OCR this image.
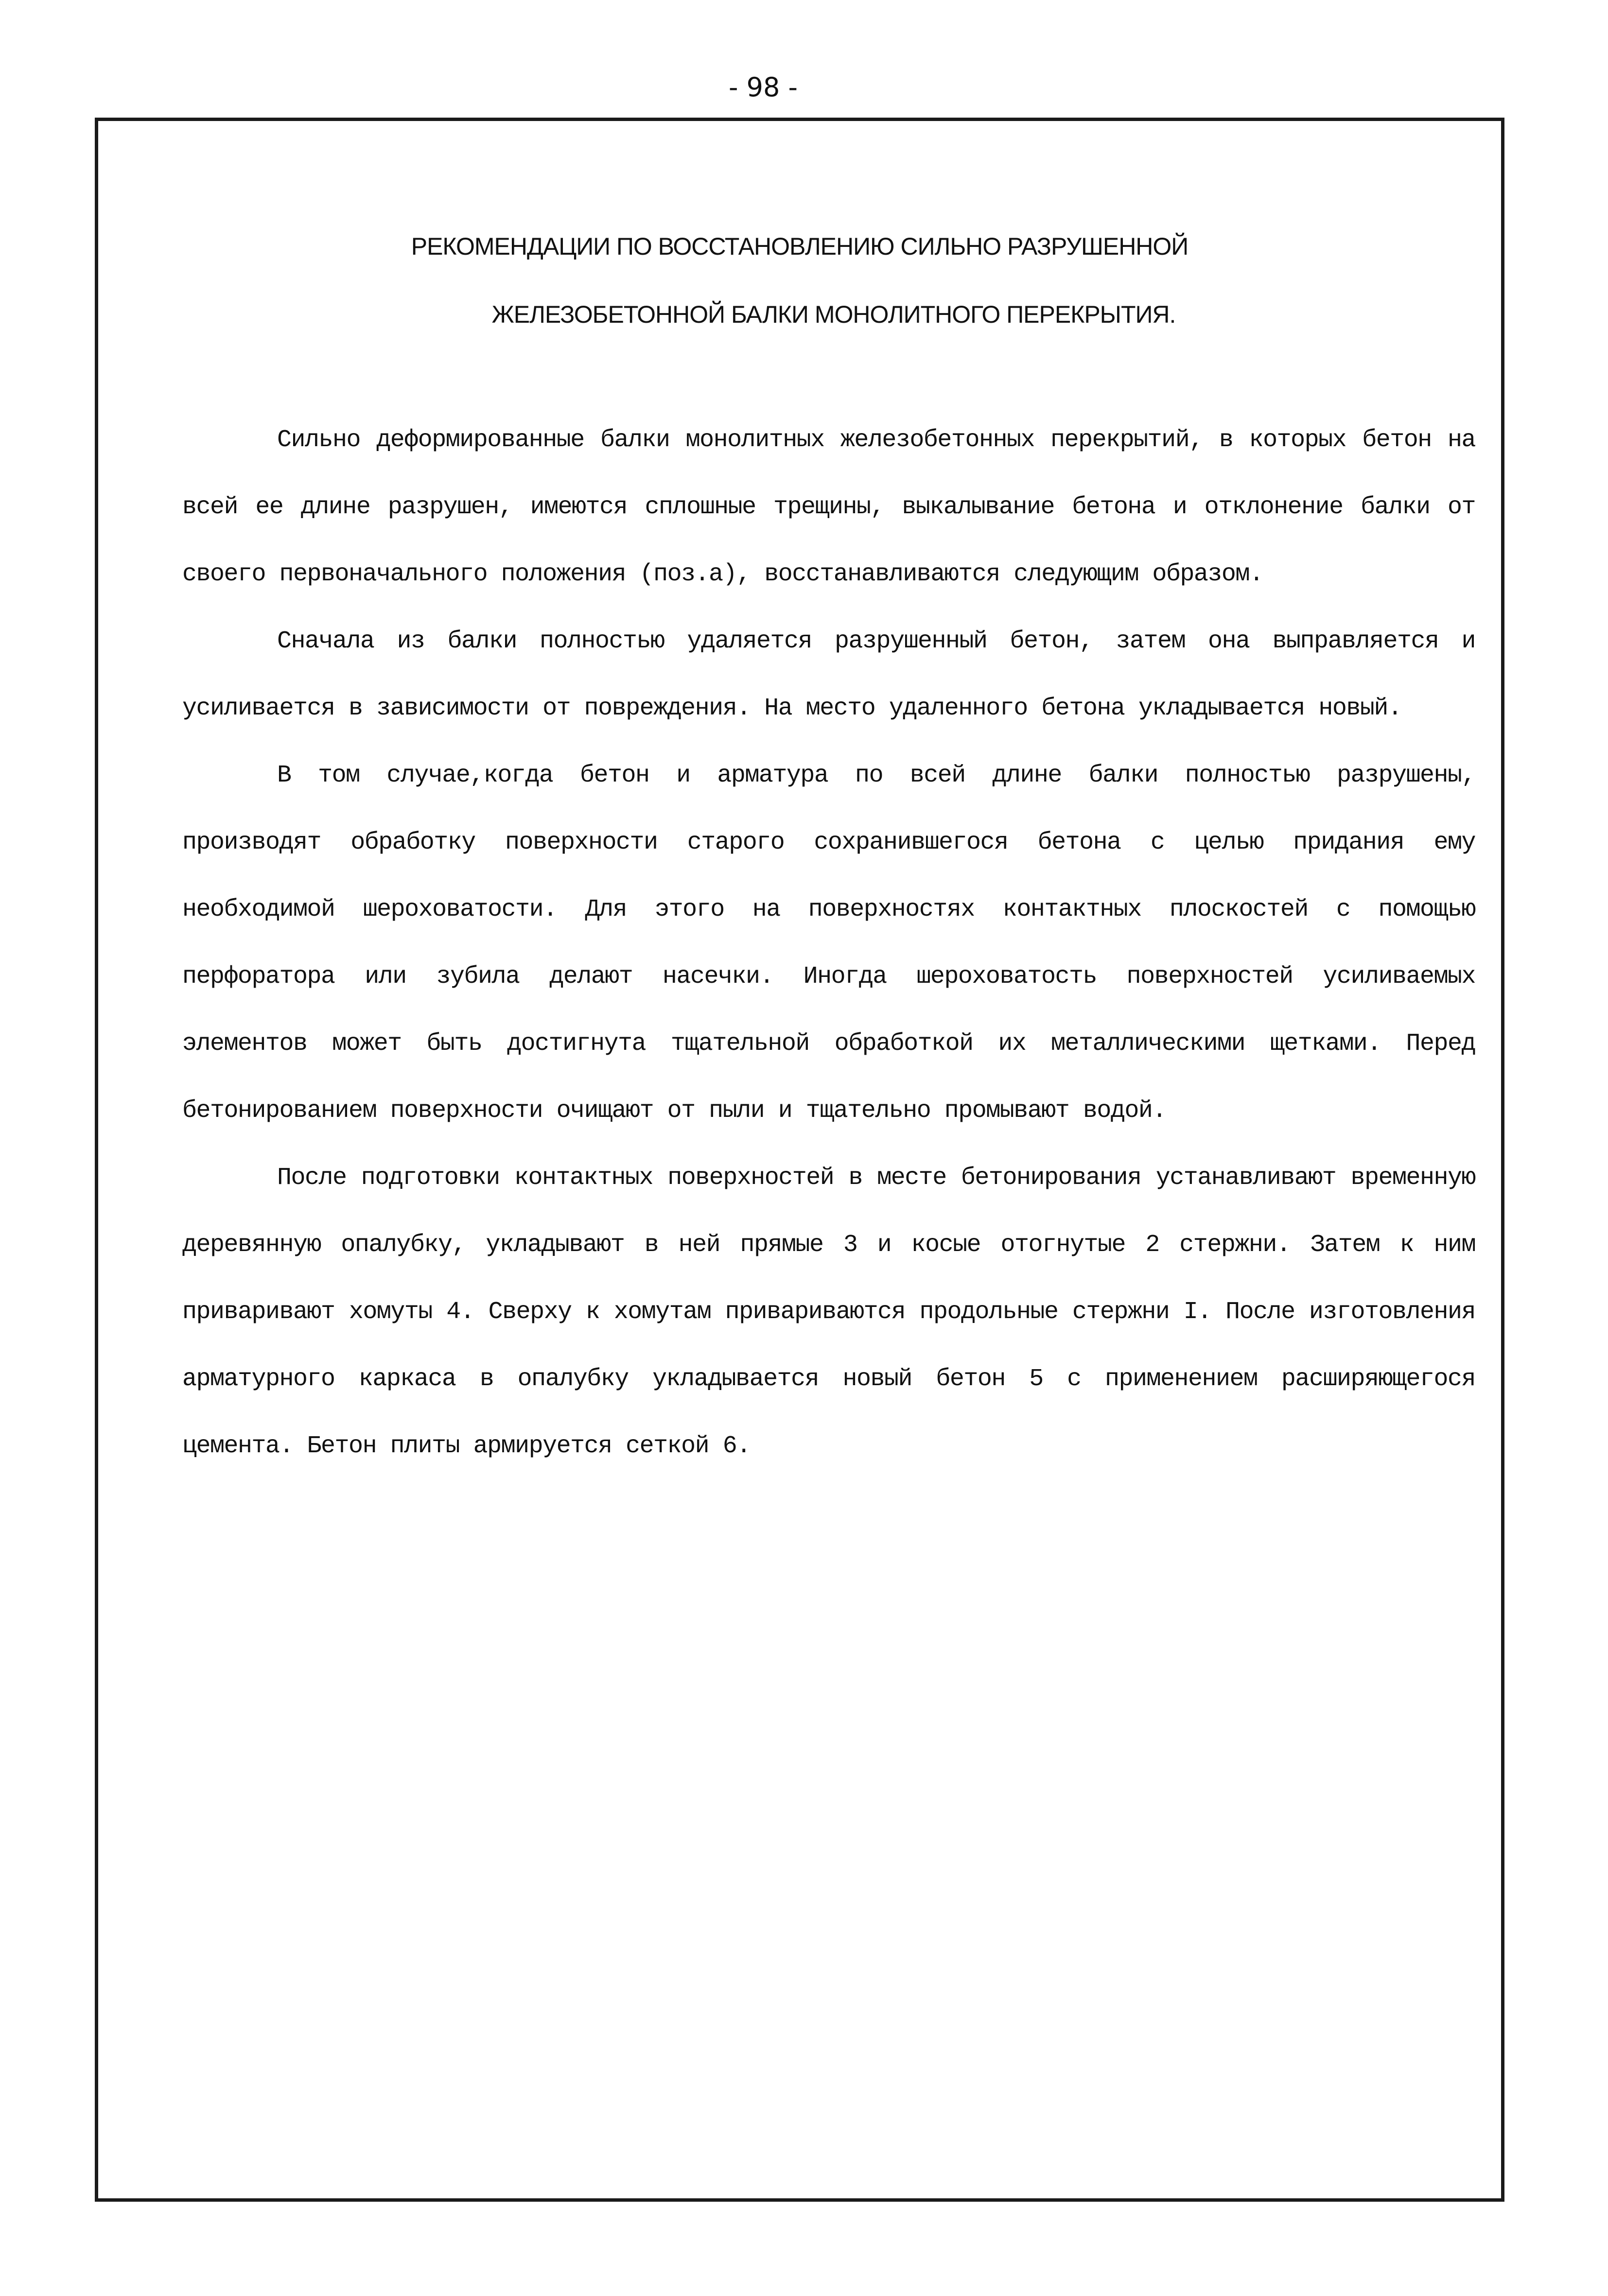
- 98 -
РЕКОМЕНДАЦИИ ПО ВОССТАНОВЛЕНИЮ СИЛЬНО РАЗРУШЕННОЙ
ЖЕЛЕЗОБЕТОННОЙ БАЛКИ МОНОЛИТНОГО ПЕРЕКРЫТИЯ.

Сильно деформированные балки монолитных железобетонных перекрытий, в которых бетон на всей ее длине разрушен, имеются сплошные трещины, выкалывание бетона и отклонение балки от своего первоначального положения (поз.а), восстанавливаются следующим образом.

Сначала из балки полностью удаляется разрушенный бетон, затем она выправляется и усиливается в зависимости от повреждения. На место удаленного бетона укладывается новый.

В том случае,когда бетон и арматура по всей длине балки полностью разрушены, производят обработку поверхности старого сохранившегося бетона с целью придания ему необходимой шероховатости. Для этого на поверхностях контактных плоскостей с помощью перфоратора или зубила делают насечки. Иногда шероховатость поверхностей усиливаемых элементов может быть достигнута тщательной обработкой их металлическими щетками. Перед бетонированием поверхности очищают от пыли и тщательно промывают водой.

После подготовки контактных поверхностей в месте бетонирования устанавливают временную деревянную опалубку, укладывают в ней прямые 3 и косые отогнутые 2 стержни. Затем к ним приваривают хомуты 4. Сверху к хомутам привариваются продольные стержни I. После изготовления арматурного каркаса в опалубку укладывается новый бетон 5 с применением расширяющегося цемента. Бетон плиты армируется сеткой 6.
